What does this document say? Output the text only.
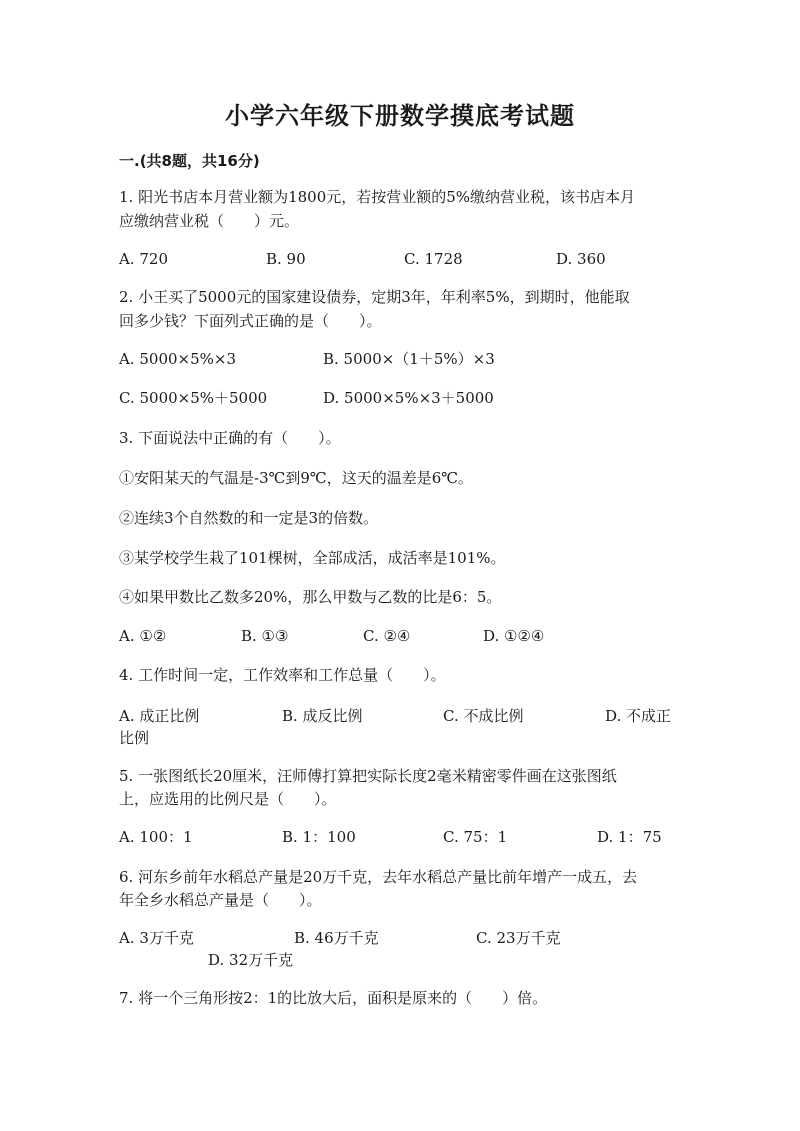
小学六年级下册数学摸底考试题
一.(共8题，共16分)
1. 阳光书店本月营业额为1800元，若按营业额的5%缴纳营业税，该书店本月
应缴纳营业税（　　）元。
A. 720	B. 90	C. 1728	D. 360
2. 小王买了5000元的国家建设债券，定期3年，年利率5%，到期时，他能取
回多少钱？下面列式正确的是（　　）。
A. 5000×5%×3	B. 5000×（1＋5%）×3
C. 5000×5%＋5000	D. 5000×5%×3＋5000
3. 下面说法中正确的有（　　）。
①安阳某天的气温是-3℃到9℃，这天的温差是6℃。
②连续3个自然数的和一定是3的倍数。
③某学校学生栽了101棵树，全部成活，成活率是101%。
④如果甲数比乙数多20%，那么甲数与乙数的比是6：5。
A. ①②	B. ①③	C. ②④	D. ①②④
4. 工作时间一定，工作效率和工作总量（　　）。
A. 成正比例	B. 成反比例	C. 不成比例	D. 不成正
比例
5. 一张图纸长20厘米，汪师傅打算把实际长度2毫米精密零件画在这张图纸
上，应选用的比例尺是（　　）。
A. 100：1	B. 1：100	C. 75：1	D. 1：75
6. 河东乡前年水稻总产量是20万千克，去年水稻总产量比前年增产一成五，去
年全乡水稻总产量是（　　）。
A. 3万千克	B. 46万千克	C. 23万千克
D. 32万千克
7. 将一个三角形按2：1的比放大后，面积是原来的（　　）倍。
